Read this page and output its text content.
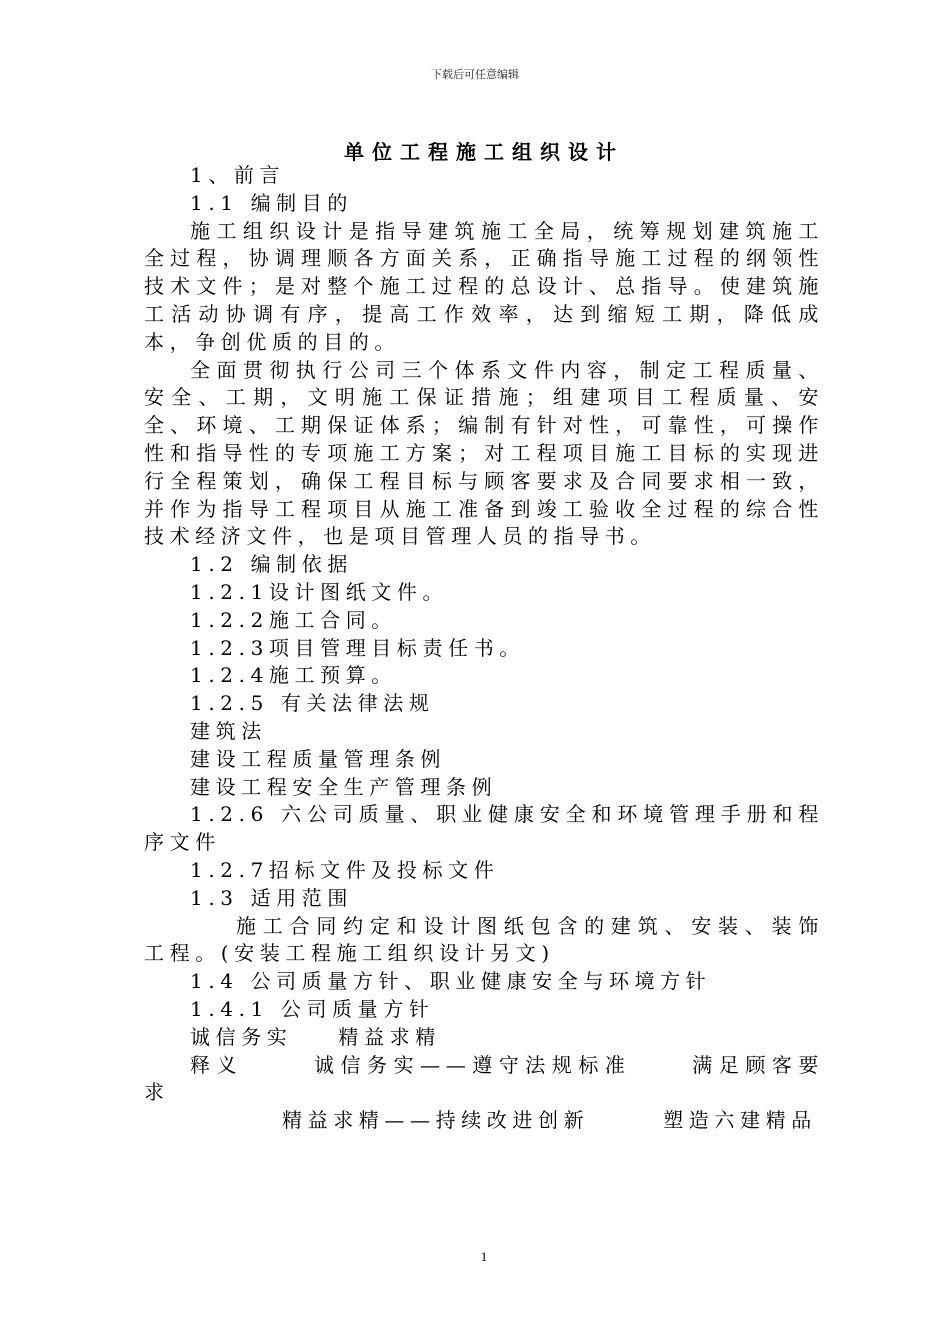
下载后可任意编辑
单位工程施工组织设计

1、前言

1.1 编制目的

施工组织设计是指导建筑施工全局，统筹规划建筑施工全过程，协调理顺各方面关系，正确指导施工过程的纲领性技术文件；是对整个施工过程的总设计、总指导。使建筑施工活动协调有序，提高工作效率，达到缩短工期，降低成本，争创优质的目的。

全面贯彻执行公司三个体系文件内容，制定工程质量、安全、工期，文明施工保证措施；组建项目工程质量、安全、环境、工期保证体系；编制有针对性，可靠性，可操作性和指导性的专项施工方案；对工程项目施工目标的实现进行全程策划，确保工程目标与顾客要求及合同要求相一致，并作为指导工程项目从施工准备到竣工验收全过程的综合性技术经济文件，也是项目管理人员的指导书。

1.2 编制依据

1.2.1设计图纸文件。

1.2.2施工合同。

1.2.3项目管理目标责任书。

1.2.4施工预算。

1.2.5 有关法律法规

建筑法

建设工程质量管理条例

建设工程安全生产管理条例

1.2.6 六公司质量、职业健康安全和环境管理手册和程序文件

1.2.7招标文件及投标文件

1.3 适用范围

施工合同约定和设计图纸包含的建筑、安装、装饰工程。(安装工程施工组织设计另文)

1.4 公司质量方针、职业健康安全与环境方针

1.4.1 公司质量方针

诚信务实 精益求精

释义	诚信务实——遵守法规标准	满足顾客要求

精益求精——持续改进创新	塑造六建精品

1
